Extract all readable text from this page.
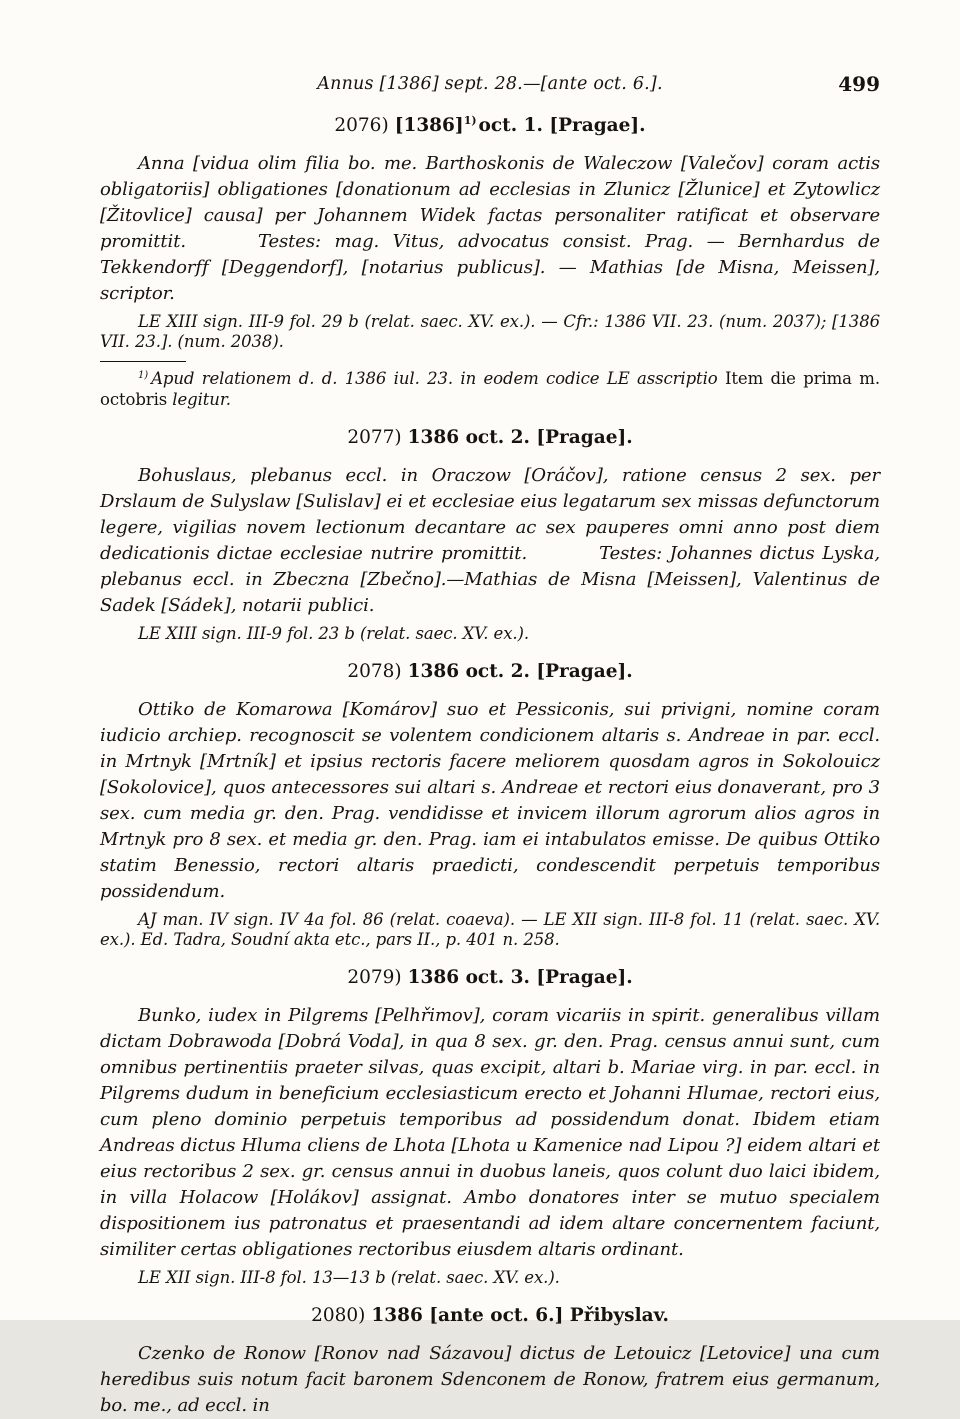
Annus [1386] sept. 28.—[ante oct. 6.].	499

2076) $[1386]^{1)}$ oct. 1. [Pragae].

Anna [vidua olim filia bo. me. Barthoskonis de Waleczow [Valečov] coram actis obligatoriis] obligationes [donationum ad ecclesias in Zlunicz [Žlunice] et Zytowlicz [Žitovlice] causa] per Johannem Widek factas personaliter ratificat et observare promittit.	Testes: mag. Vitus, advocatus consist. Prag. — Bernhardus de Tekkendorff [Deggendorf], [notarius publicus]. — Mathias [de Misna, Meissen], scriptor.

LE XIII sign. III-9 fol. 29 b (relat. saec. XV. ex.). — Cfr.: 1386 VII. 23. (num. 2037); [1386 VII. 23.]. (num. 2038).

$^{1)}$ Apud relationem d. d. 1386 iul. 23. in eodem codice LE asscriptio Item die prima m. octobris legitur.

2077) 1386 oct. 2. [Pragae].

Bohuslaus, plebanus eccl. in Oraczow [Oráčov], ratione census 2 sex. per Drslaum de Sulyslaw [Sulislav] ei et ecclesiae eius legatarum sex missas defunctorum legere, vigilias novem lectionum decantare ac sex pauperes omni anno post diem dedicationis dictae ecclesiae nutrire promittit.	Testes: Johannes dictus Lyska, plebanus eccl. in Zbeczna [Zbečno].—Mathias de Misna [Meissen], Valentinus de Sadek [Sádek], notarii publici.

LE XIII sign. III-9 fol. 23 b (relat. saec. XV. ex.).

2078) 1386 oct. 2. [Pragae].

Ottiko de Komarowa [Komárov] suo et Pessiconis, sui privigni, nomine coram iudicio archiep. recognoscit se volentem condicionem altaris s. Andreae in par. eccl. in Mrtnyk [Mrtník] et ipsius rectoris facere meliorem quosdam agros in Sokolouicz [Sokolovice], quos antecessores sui altari s. Andreae et rectori eius donaverant, pro 3 sex. cum media gr. den. Prag. vendidisse et invicem illorum agrorum alios agros in Mrtnyk pro 8 sex. et media gr. den. Prag. iam ei intabulatos emisse. De quibus Ottiko statim Benessio, rectori altaris praedicti, condescendit perpetuis temporibus possidendum.

AJ man. IV sign. IV 4a fol. 86 (relat. coaeva). — LE XII sign. III-8 fol. 11 (relat. saec. XV. ex.). Ed. Tadra, Soudní akta etc., pars II., p. 401 n. 258.

2079) 1386 oct. 3. [Pragae].

Bunko, iudex in Pilgrems [Pelhřimov], coram vicariis in spirit. generalibus villam dictam Dobrawoda [Dobrá Voda], in qua 8 sex. gr. den. Prag. census annui sunt, cum omnibus pertinentiis praeter silvas, quas excipit, altari b. Mariae virg. in par. eccl. in Pilgrems dudum in beneficium ecclesiasticum erecto et Johanni Hlumae, rectori eius, cum pleno dominio perpetuis temporibus ad possidendum donat. Ibidem etiam Andreas dictus Hluma cliens de Lhota [Lhota u Kamenice nad Lipou ?] eidem altari et eius rectoribus 2 sex. gr. census annui in duobus laneis, quos colunt duo laici ibidem, in villa Holacow [Holákov] assignat. Ambo donatores inter se mutuo specialem dispositionem ius patronatus et praesentandi ad idem altare concernentem faciunt, similiter certas obligationes rectoribus eiusdem altaris ordinant.

LE XII sign. III-8 fol. 13—13 b (relat. saec. XV. ex.).

2080) 1386 [ante oct. 6.] Přibyslav.

Czenko de Ronow [Ronov nad Sázavou] dictus de Letouicz [Letovice] una cum heredibus suis notum facit baronem Sdenconem de Ronow, fratrem eius germanum, bo. me., ad eccl. in
